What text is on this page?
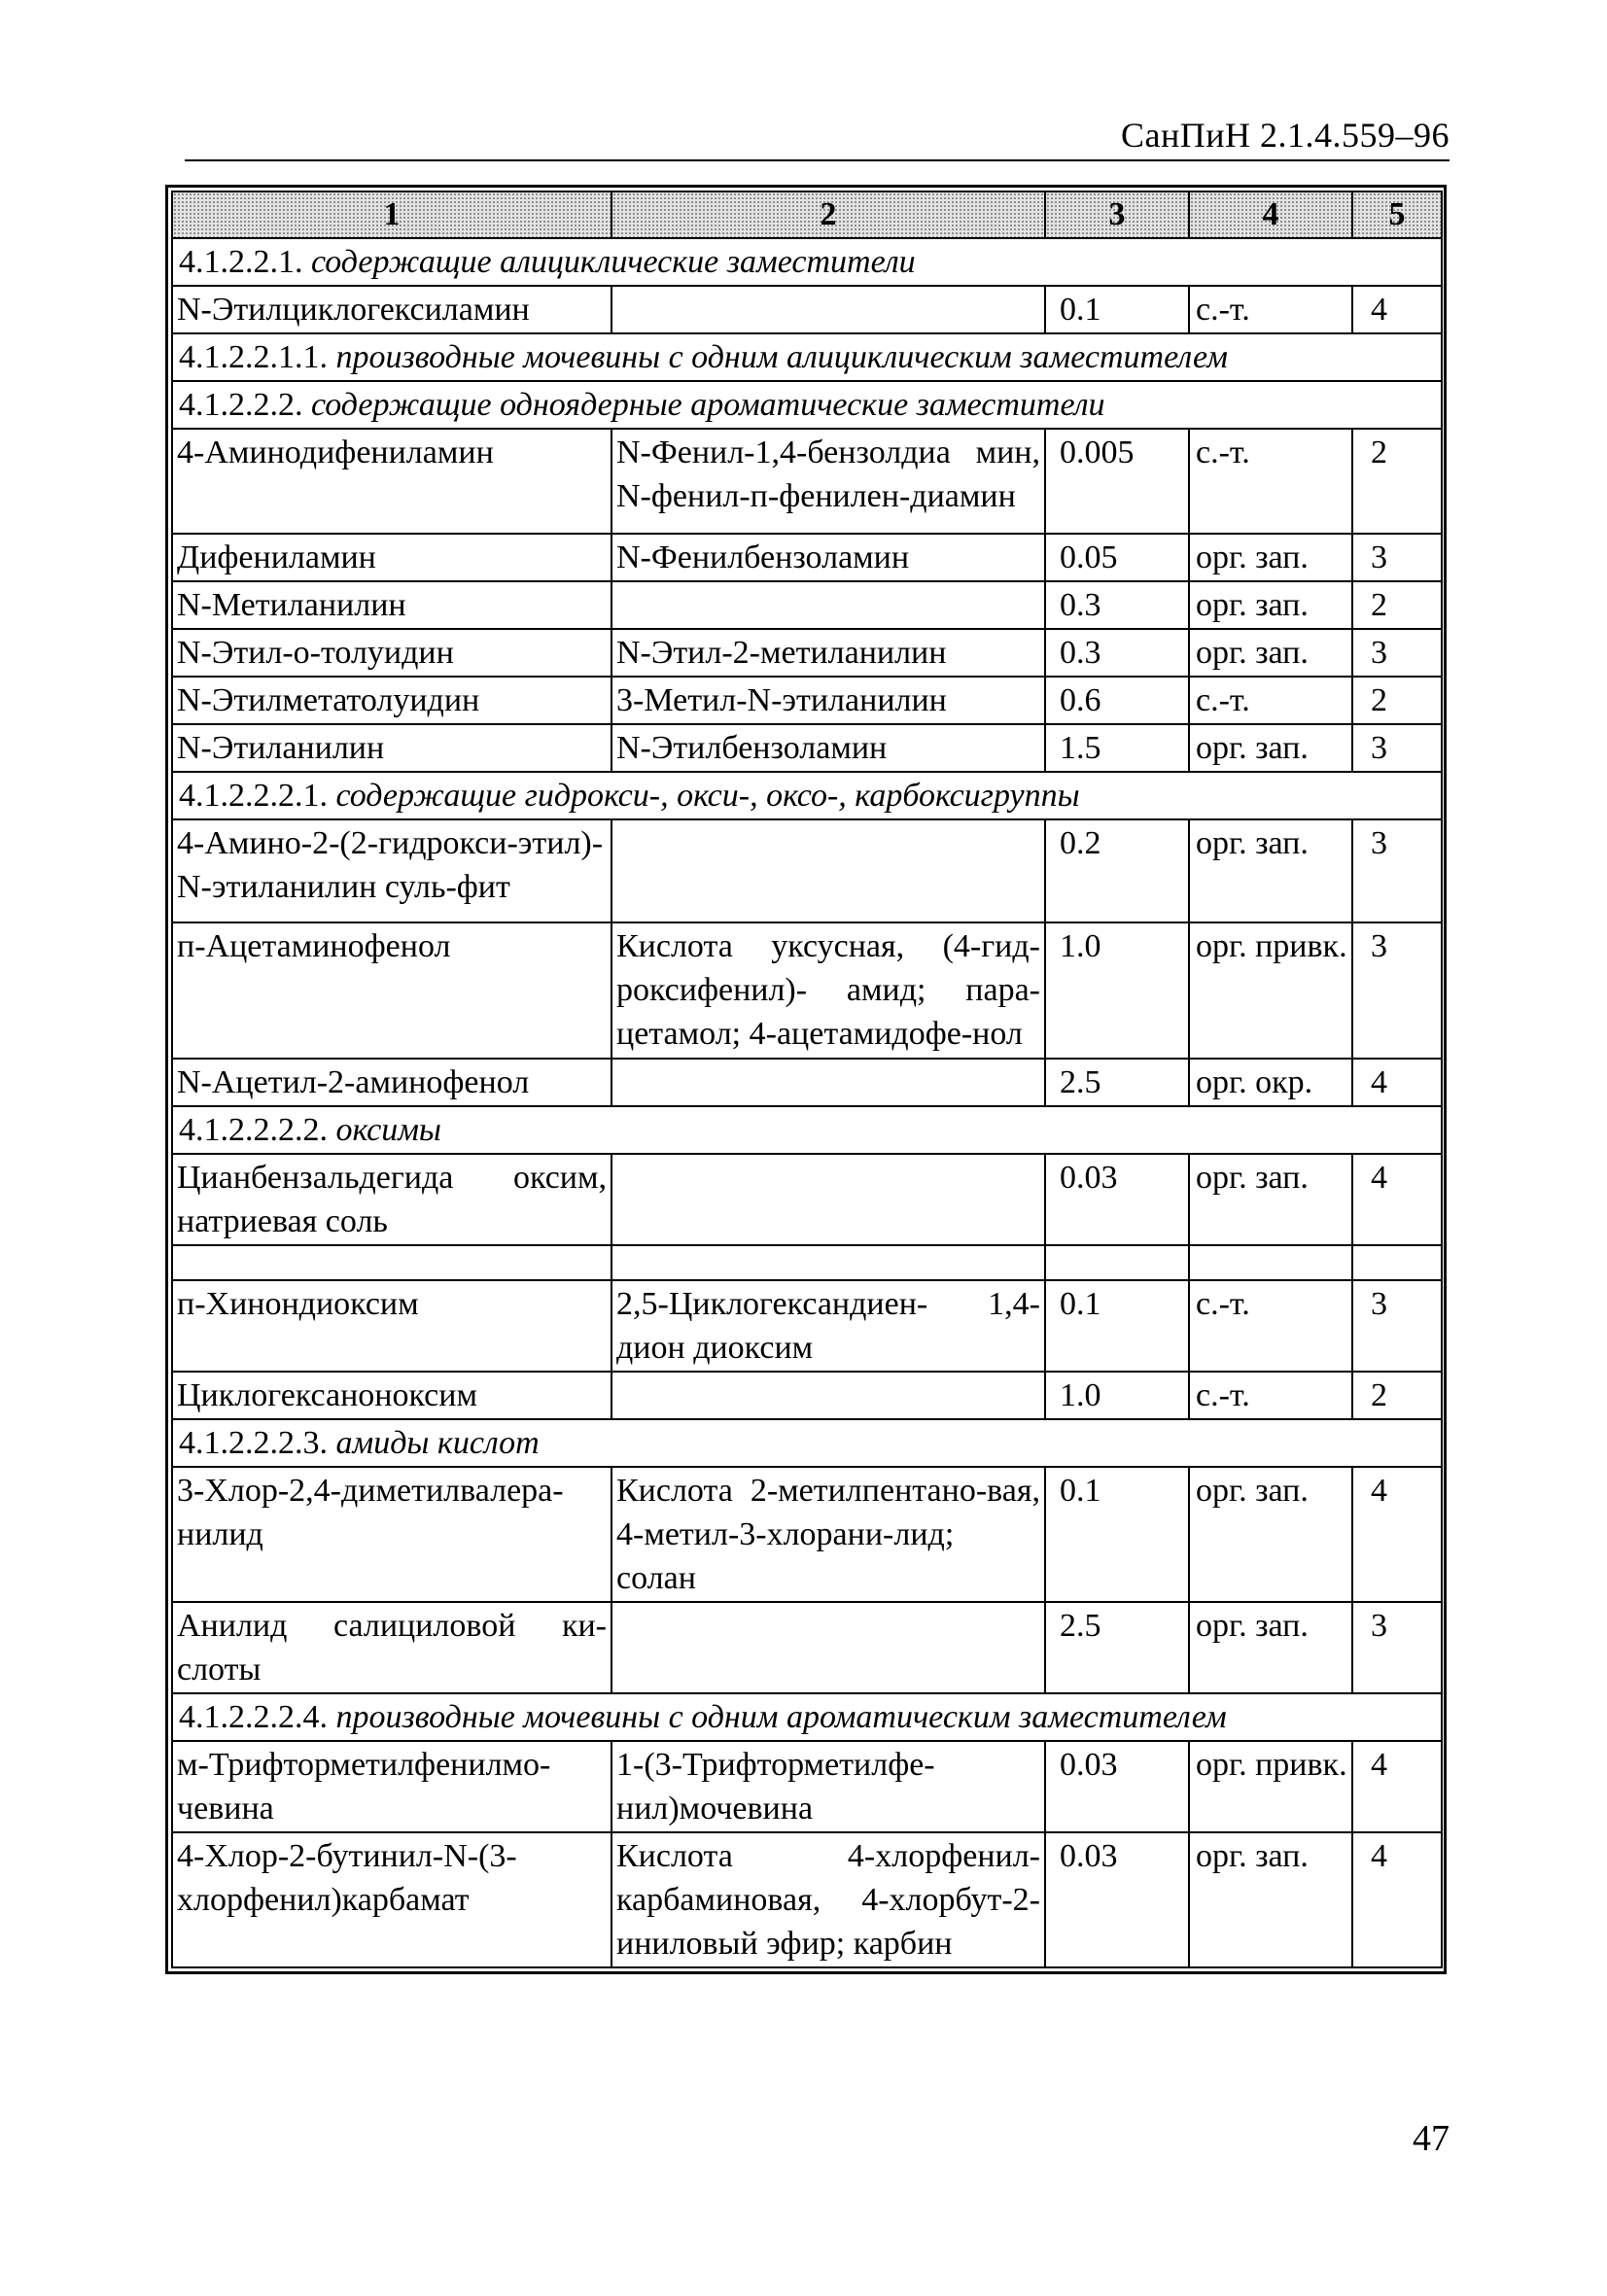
СанПиН 2.1.4.559–96
1	2	3	4	5
4.1.2.2.1. содержащие алициклические заместители				
N-Этилциклогексиламин		0.1	с.-т.	4
4.1.2.2.1.1. производные мочевины с одним алициклическим заместителем				
4.1.2.2.2. содержащие одноядерные ароматические заместители				
4-Аминодифениламин	N-Фенил-1,4-бензолдиа мин, N-фенил-п-фенилен-диамин	0.005	с.-т.	2
Дифениламин	N-Фенилбензоламин	0.05	орг. зап.	3
N-Метиланилин		0.3	орг. зап.	2
N-Этил-о-толуидин	N-Этил-2-метиланилин	0.3	орг. зап.	3
N-Этилметатолуидин	3-Метил-N-этиланилин	0.6	с.-т.	2
N-Этиланилин	N-Этилбензоламин	1.5	орг. зап.	3
4.1.2.2.2.1. содержащие гидрокси-, окси-, оксо-, карбоксигруппы				
4-Амино-2-(2-гидрокси-этил)-N-этиланилин суль-фит		0.2	орг. зап.	3
п-Ацетаминофенол	Кислота уксусная, (4-гид-роксифенил)- амид; пара-цетамол; 4-ацетамидофе-нол	1.0	орг. привк.	3
N-Ацетил-2-аминофенол		2.5	орг. окр.	4
4.1.2.2.2.2. оксимы				
Цианбензальдегида оксим, натриевая соль		0.03	орг. зап.	4

п-Хинондиоксим	2,5-Циклогександиен- 1,4-дион диоксим	0.1	с.-т.	3
Циклогексаноноксим		1.0	с.-т.	2
4.1.2.2.2.3. амиды кислот				
3-Хлор-2,4-диметилвалера-нилид	Кислота 2-метилпентано-вая, 4-метил-3-хлорани-лид; солан	0.1	орг. зап.	4
Анилид салициловой ки-слоты		2.5	орг. зап.	3
4.1.2.2.2.4. производные мочевины с одним ароматическим заместителем				
м-Трифторметилфенилмо-чевина	1-(3-Трифторметилфе-нил)мочевина	0.03	орг. привк.	4
4-Хлор-2-бутинил-N-(3-хлорфенил)карбамат	Кислота 4-хлорфенил-карбаминовая, 4-хлорбут-2-иниловый эфир; карбин	0.03	орг. зап.	4
47
